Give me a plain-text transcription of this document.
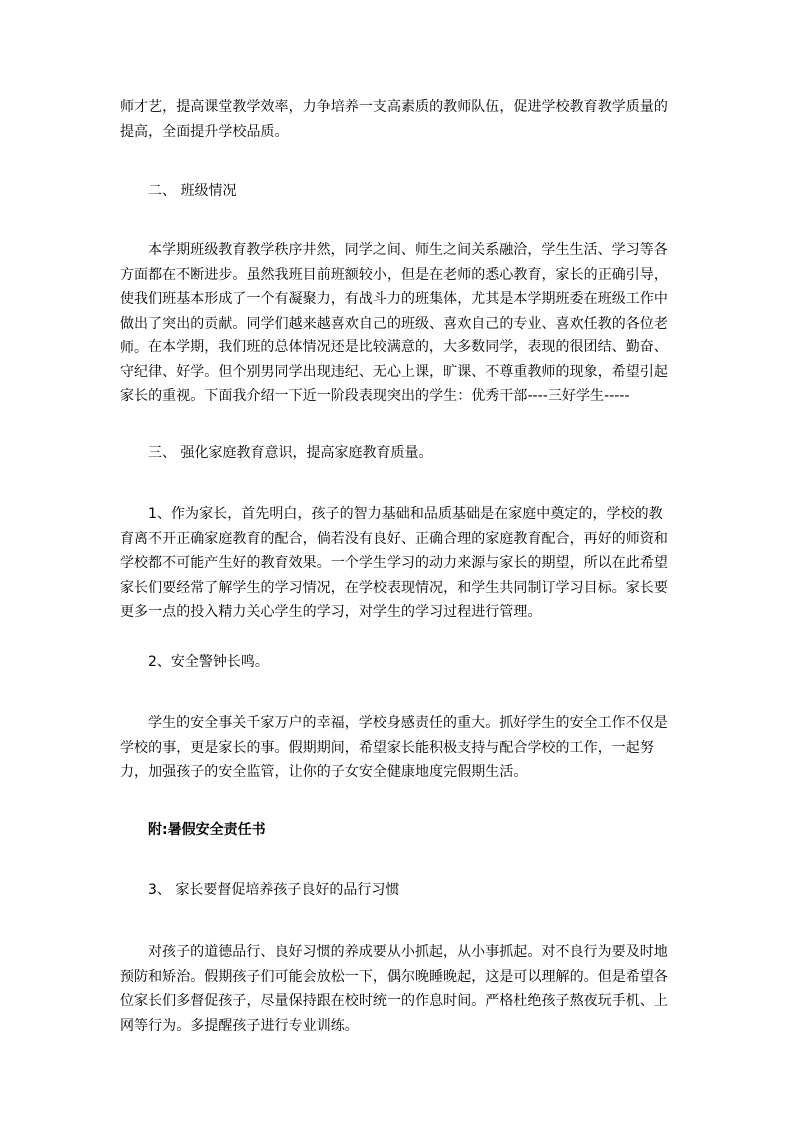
师才艺，提高课堂教学效率，力争培养一支高素质的教师队伍，促进学校教育教学质量的提高，全面提升学校品质。
二、 班级情况
本学期班级教育教学秩序井然，同学之间、师生之间关系融洽，学生生活、学习等各方面都在不断进步。虽然我班目前班额较小，但是在老师的悉心教育，家长的正确引导，使我们班基本形成了一个有凝聚力，有战斗力的班集体，尤其是本学期班委在班级工作中做出了突出的贡献。同学们越来越喜欢自己的班级、喜欢自己的专业、喜欢任教的各位老师。 在本学期，我们班的总体情况还是比较满意的，大多数同学，表现的很团结、勤奋、守纪律、好学。但个别男同学出现违纪、无心上课，旷课、不尊重教师的现象，希望引起家长的重视。下面我介绍一下近一阶段表现突出的学生：优秀干部----三好学生-----
三、 强化家庭教育意识，提高家庭教育质量。
1、作为家长，首先明白，孩子的智力基础和品质基础是在家庭中奠定的，学校的教育离不开正确家庭教育的配合，倘若没有良好、正确合理的家庭教育配合，再好的师资和学校都不可能产生好的教育效果。一个学生学习的动力来源与家长的期望，所以在此希望家长们要经常了解学生的学习情况，在学校表现情况，和学生共同制订学习目标。家长要更多一点的投入精力关心学生的学习，对学生的学习过程进行管理。
2、安全警钟长鸣。
学生的安全事关千家万户的幸福，学校身感责任的重大。抓好学生的安全工作不仅是学校的事，更是家长的事。假期期间，希望家长能积极支持与配合学校的工作，一起努力，加强孩子的安全监管，让你的子女安全健康地度完假期生活。
附:暑假安全责任书
3、 家长要督促培养孩子良好的品行习惯
对孩子的道德品行、良好习惯的养成要从小抓起，从小事抓起。对不良行为要及时地预防和矫治。假期孩子们可能会放松一下，偶尔晚睡晚起，这是可以理解的。但是希望各位家长们多督促孩子，尽量保持跟在校时统一的作息时间。严格杜绝孩子熬夜玩手机、上网等行为。多提醒孩子进行专业训练。
